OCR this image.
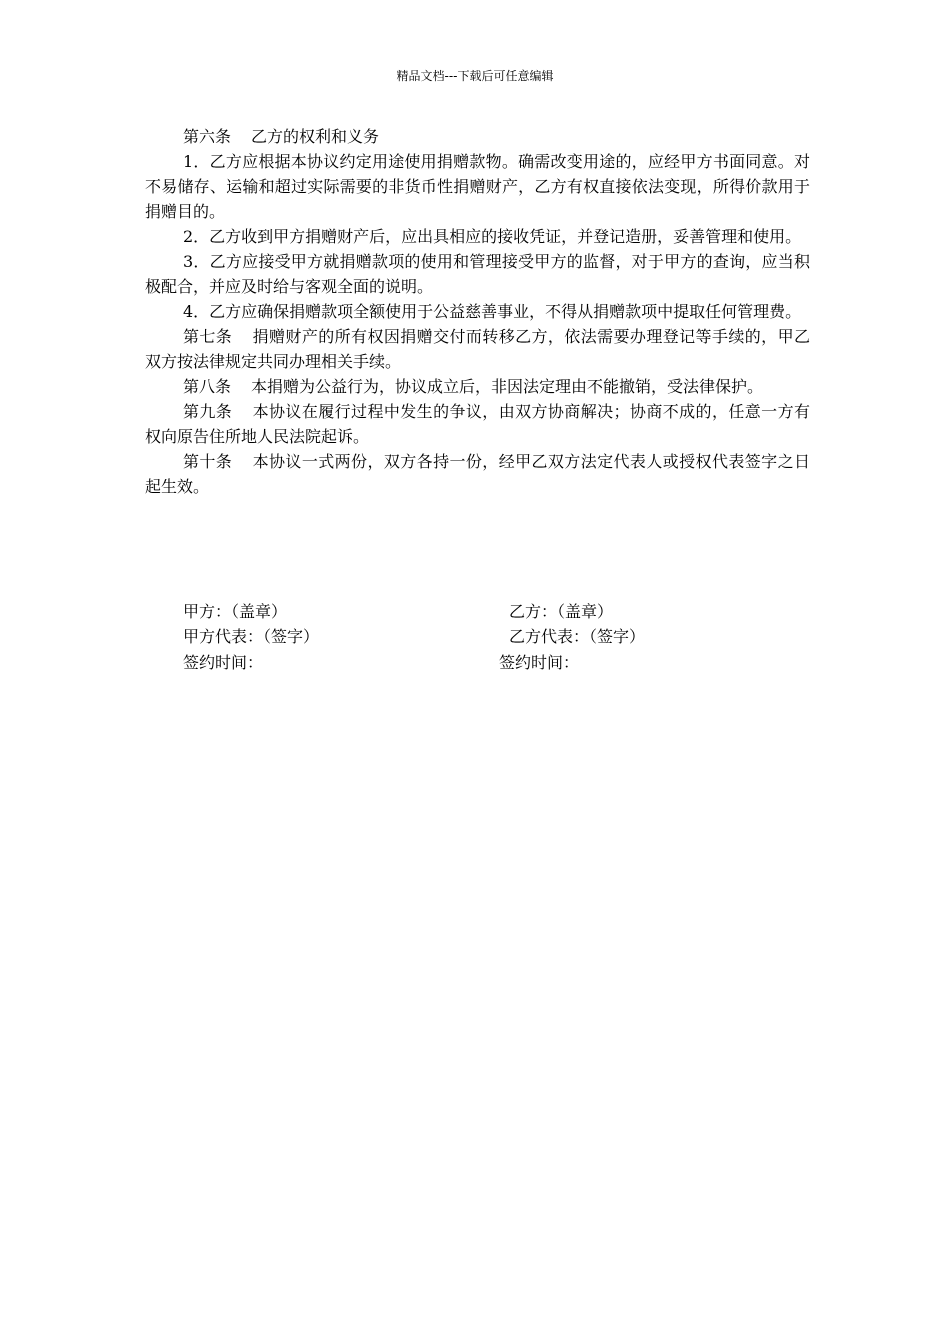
精品文档---下载后可任意编辑

第六条 乙方的权利和义务

1．乙方应根据本协议约定用途使用捐赠款物。确需改变用途的，应经甲方书面同意。对不易储存、运输和超过实际需要的非货币性捐赠财产，乙方有权直接依法变现，所得价款用于捐赠目的。

2．乙方收到甲方捐赠财产后，应出具相应的接收凭证，并登记造册，妥善管理和使用。

3．乙方应接受甲方就捐赠款项的使用和管理接受甲方的监督，对于甲方的查询，应当积极配合，并应及时给与客观全面的说明。

4．乙方应确保捐赠款项全额使用于公益慈善事业，不得从捐赠款项中提取任何管理费。

第七条 捐赠财产的所有权因捐赠交付而转移乙方，依法需要办理登记等手续的，甲乙双方按法律规定共同办理相关手续。

第八条 本捐赠为公益行为，协议成立后，非因法定理由不能撤销，受法律保护。

第九条 本协议在履行过程中发生的争议，由双方协商解决；协商不成的，任意一方有权向原告住所地人民法院起诉。

第十条 本协议一式两份，双方各持一份，经甲乙双方法定代表人或授权代表签字之日起生效。

甲方：（盖章）	乙方：（盖章）
甲方代表：（签字）	乙方代表：（签字）
签约时间：	签约时间：
